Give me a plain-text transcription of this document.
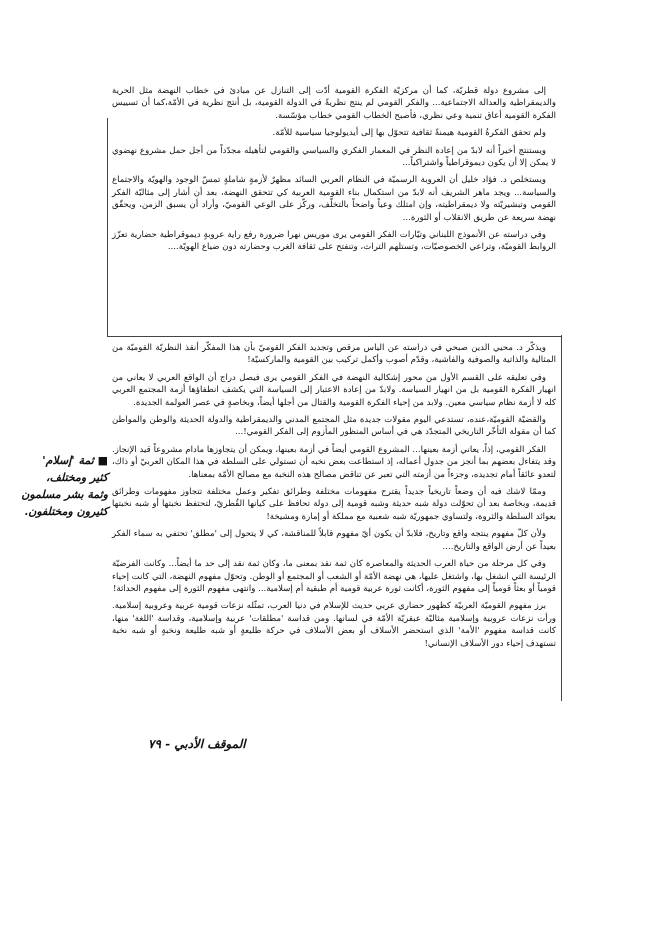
إلى مشروع دولة قطريّة، كما أن مركزيّة الفكرة القومية أدّت إلى التنازل عن مبادئ في خطاب النهضة مثل الحرية والديمقراطية والعدالة الاجتماعية... والفكر القومي لم ينتج نظريةً في الدولة القومية، بل أنتج نظرية في الأمّة،كما أن تسييس الفكرة القومية أعاق تنمية وعي نظري، فأصبح الخطاب القومي خطاب مؤسّسة.

ولم تحقق الفكرةُ القومية هيمنةً ثقافية تتحوّل بها إلى أيديولوجيا سياسية للأمّة.

ويستنتج أخيراً أنه لابدّ من إعادة النظر في المعمار الفكري والسياسي والقومي لتأهيله مجدّداً من أجل حمل مشروع نهضوي لا يمكن إلا أن يكون ديموقراطياً واشتراكياً...

ويستخلص د. فؤاد خليل أن العروبة الرسميّة في النظام العربي السائد مظهرٌ لأزمةٍ شاملةٍ تمسّ الوجود والهويّة والاجتماع والسياسة... ويجد ماهر الشريف أنه لابدّ من استكمال بناء القومية العربية كي تتحقق النهضة، بعد أن أشار إلى مثاليّة الفكر القومي وتبشيريّته ولا ديمقراطيته، وإن امتلك وعياً واضحاً بالتخلّف، وركّز على الوعي القوميّ، وأراد أن يسبق الزمن، ويحقّق نهضة سريعة عن طريق الانقلاب أو الثورة...

وفي دراسته عن الأنموذج اللبناني وتيّارات الفكر القومي يرى موريس نهرا ضرورة رفع راية عروبةٍ ديموقراطية حضارية تعزّز الروابط القوميّة، وتراعي الخصوصيّات، وتستلهم التراث، وتنفتح على ثقافة الغرب وحضارته دون ضياع الهويّة....

ويذكّر د. محيي الدين صبحي في دراسته عن الياس مرقص وتجديد الفكر القوميّ بأن هذا المفكّر أنقذ النظريّة القوميّة من المثالية والذاتية والصوفية والفاشية، وقدّم أصوب وأكمل تركيب بين القومية والماركسيّة!

وفي تعليقه على القسم الأول من محور إشكالية النهضة في الفكر القومي يرى فيصل دراج أن الواقع العربي لا يعاني من انهيار الفكرة القومية بل من انهيار السياسة. ولابدّ من إعادة الاعتبار إلى السياسة التي يكشف انطفاؤها أزمة المجتمع العربي كله لا أزمة نظام سياسي معين. ولابد من إحياء الفكرة القومية والقتال من أجلها أيضاً، وبخاصةٍ في عصر العولمة الجديدة.

والقضيّة القوميّة،عنده، تستدعي اليوم مقولات جديدة مثل المجتمع المدني والديمقراطية والدولة الحديثة والوطن والمواطن كما أن مقولة التأخّر التاريخي المتجدّد هي في أساس المنظور المأزوم إلى الفكر القومي!...

الفكر القومي، إذاً، يعاني أزمة بعينها... المشروع القومي أيضاً في أزمة بعينها، ويمكن أن يتجاوزها مادام مشروعاً قيد الإنجاز. وقد يتفاءل بعضهم بما أنجز من جدول أعماله، إذ استطاعت بعض نخبه أن تستولي على السلطة في هذا المكان العربيّ أو ذاك، لتعدو عائقاً أمام تجديده، وجزءاً من أزمته التي تعبر عن تناقض مصالح هذه النخبة مع مصالح الأمّة بمعناها.

وممّا لاشك فيه أن وضعاً تاريخياً جديداً يقترح مفهومات مختلفة وطرائق تفكير وعمل مختلفة تتجاوز مفهومات وطرائق قديمة، وبخاصة بعد أن تحوّلت دولة شبه حديثة وشبه قومية إلى دولة تحافظ على كيانها القُطريّ، لتحتفظ نخبتها أو شبه نخبتها بعوائد السلطة والثروة، ولتساوي جمهوريّة شبه شعبية مع مملكة أو إمارة ومشيخة!

ولأن كلّ مفهوم ينتجه واقع وتاريخ، فلابدّ أن يكون أيّ مفهوم قابلاً للمناقشة، كي لا يتحول إلى 'مطلق' تحتفي به سماء الفكر بعيداً عن أرض الواقع والتاريخ....

وفي كل مرحلة من حياة العرب الحديثة والمعاصرة كان ثمة نقد بمعنى ما، وكان ثمة نقد إلى حد ما أيضاً... وكانت الفرضيّة الرئيسة التي انشغل بها، واشتغل عليها، هي نهضة الأمّة أو الشعب أو المجتمع أو الوطن. وتحوّل مفهوم النهضة، التي كانت إحياء قومياً أو بعثاً قومياً إلى مفهوم الثورة، أكانت ثورة عربية قومية أم طبقية أم إسلامية... وانتهى مفهوم الثورة إلى مفهوم الحداثة!

برز مفهوم القوميّة العربيّة كظهور حضاري عربي حديث للإسلام في دنيا العرب، تمثّله نزعات قومية عربية وعروبية إسلامية. ورأت نزعات عروبية وإسلامية مثاليّة عبقريّة الأمّة في لسانها. ومن قداسة 'مطلقات' عربية وإسلامية، وقداسة 'اللغة' منها، كانت قداسة مفهوم 'الأمة' الذي استحضر الأسلاف أو بعض الأسلاف في حركة طليعةٍ أو شبه طليعة ونخبةٍ أو شبه نخبة تستهدف إحياء دور الأسلاف الإنساني!

■ ثمة 'إسلام'
كثير ومختلف،
وثمة بشر مسلمون
كثيرون ومختلفون.
الموقف الأدبي - ٧٩
